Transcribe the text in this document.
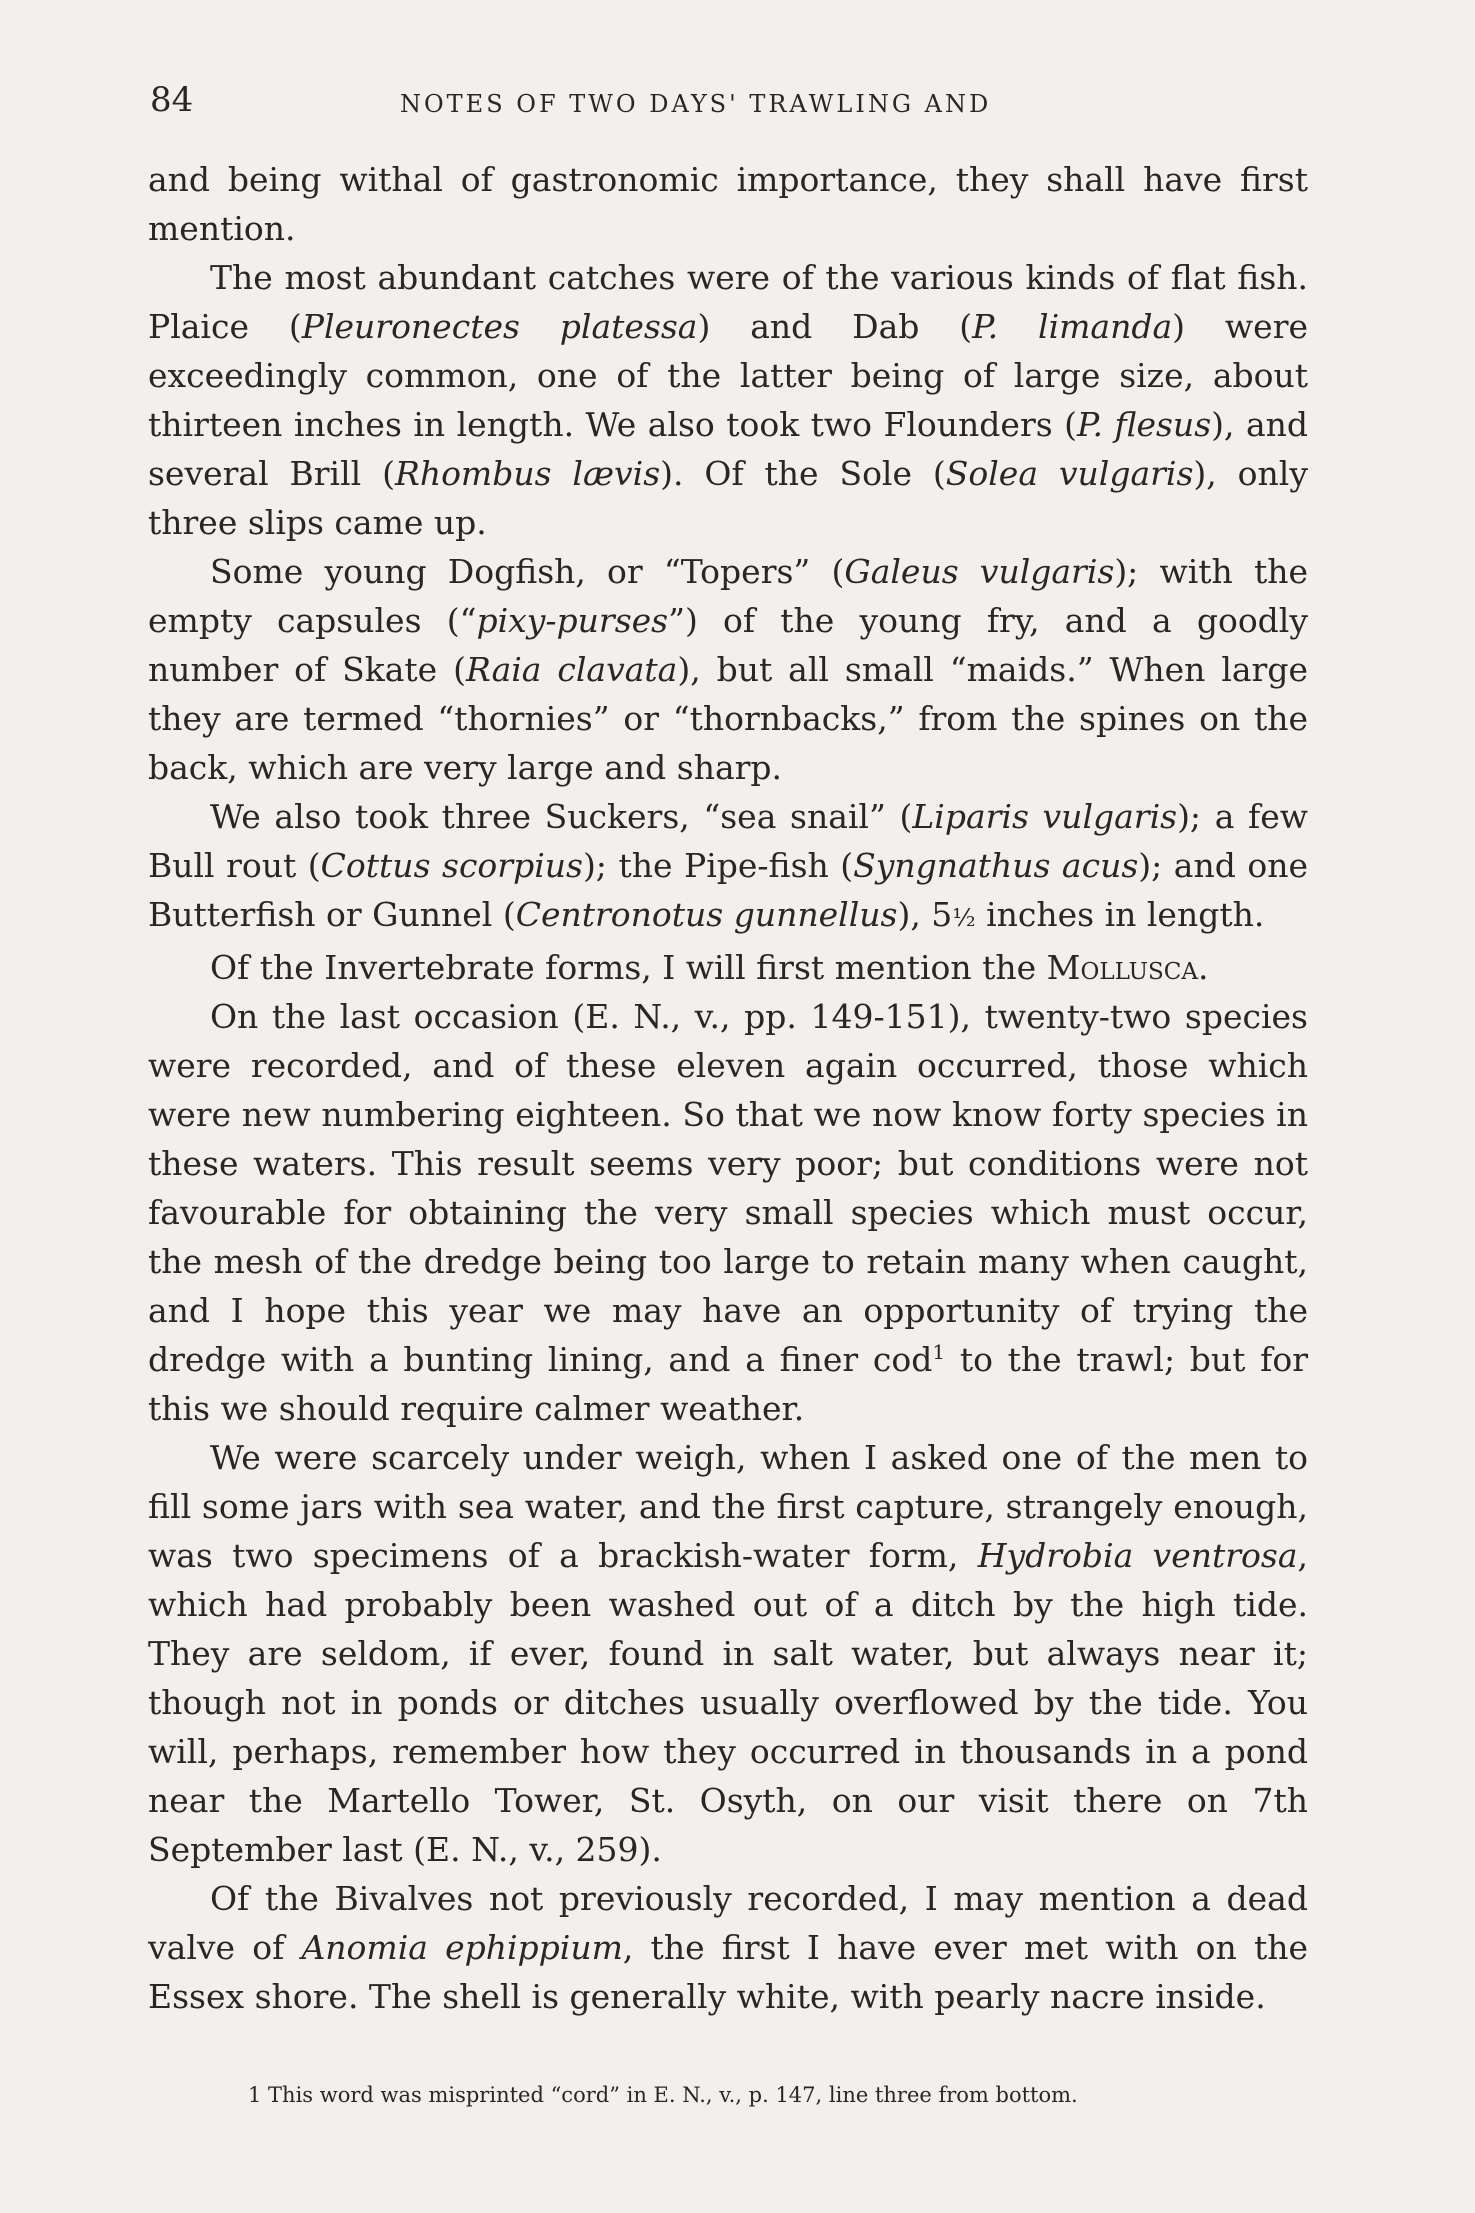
84	NOTES OF TWO DAYS' TRAWLING AND

and being withal of gastronomic importance, they shall have first mention.

The most abundant catches were of the various kinds of flat fish. Plaice (Pleuronectes platessa) and Dab (P. limanda) were exceedingly common, one of the latter being of large size, about thirteen inches in length. We also took two Flounders (P. flesus), and several Brill (Rhombus lævis). Of the Sole (Solea vulgaris), only three slips came up.

Some young Dogfish, or “Topers” (Galeus vulgaris); with the empty capsules (“pixy-purses”) of the young fry, and a goodly number of Skate (Raia clavata), but all small “maids.” When large they are termed “thornies” or “thornbacks,” from the spines on the back, which are very large and sharp.

We also took three Suckers, “sea snail” (Liparis vulgaris); a few Bull rout (Cottus scorpius); the Pipe-fish (Syngnathus acus); and one Butterfish or Gunnel (Centronotus gunnellus), 5½ inches in length.

Of the Invertebrate forms, I will first mention the Mollusca.

On the last occasion (E. N., v., pp. 149-151), twenty-two species were recorded, and of these eleven again occurred, those which were new numbering eighteen. So that we now know forty species in these waters. This result seems very poor; but conditions were not favourable for obtaining the very small species which must occur, the mesh of the dredge being too large to retain many when caught, and I hope this year we may have an opportunity of trying the dredge with a bunting lining, and a finer cod$^1$ to the trawl; but for this we should require calmer weather.

We were scarcely under weigh, when I asked one of the men to fill some jars with sea water, and the first capture, strangely enough, was two specimens of a brackish-water form, Hydrobia ventrosa, which had probably been washed out of a ditch by the high tide. They are seldom, if ever, found in salt water, but always near it; though not in ponds or ditches usually overflowed by the tide. You will, perhaps, remember how they occurred in thousands in a pond near the Martello Tower, St. Osyth, on our visit there on 7th September last (E. N., v., 259).

Of the Bivalves not previously recorded, I may mention a dead valve of Anomia ephippium, the first I have ever met with on the Essex shore. The shell is generally white, with pearly nacre inside.

1 This word was misprinted “cord” in E. N., v., p. 147, line three from bottom.
